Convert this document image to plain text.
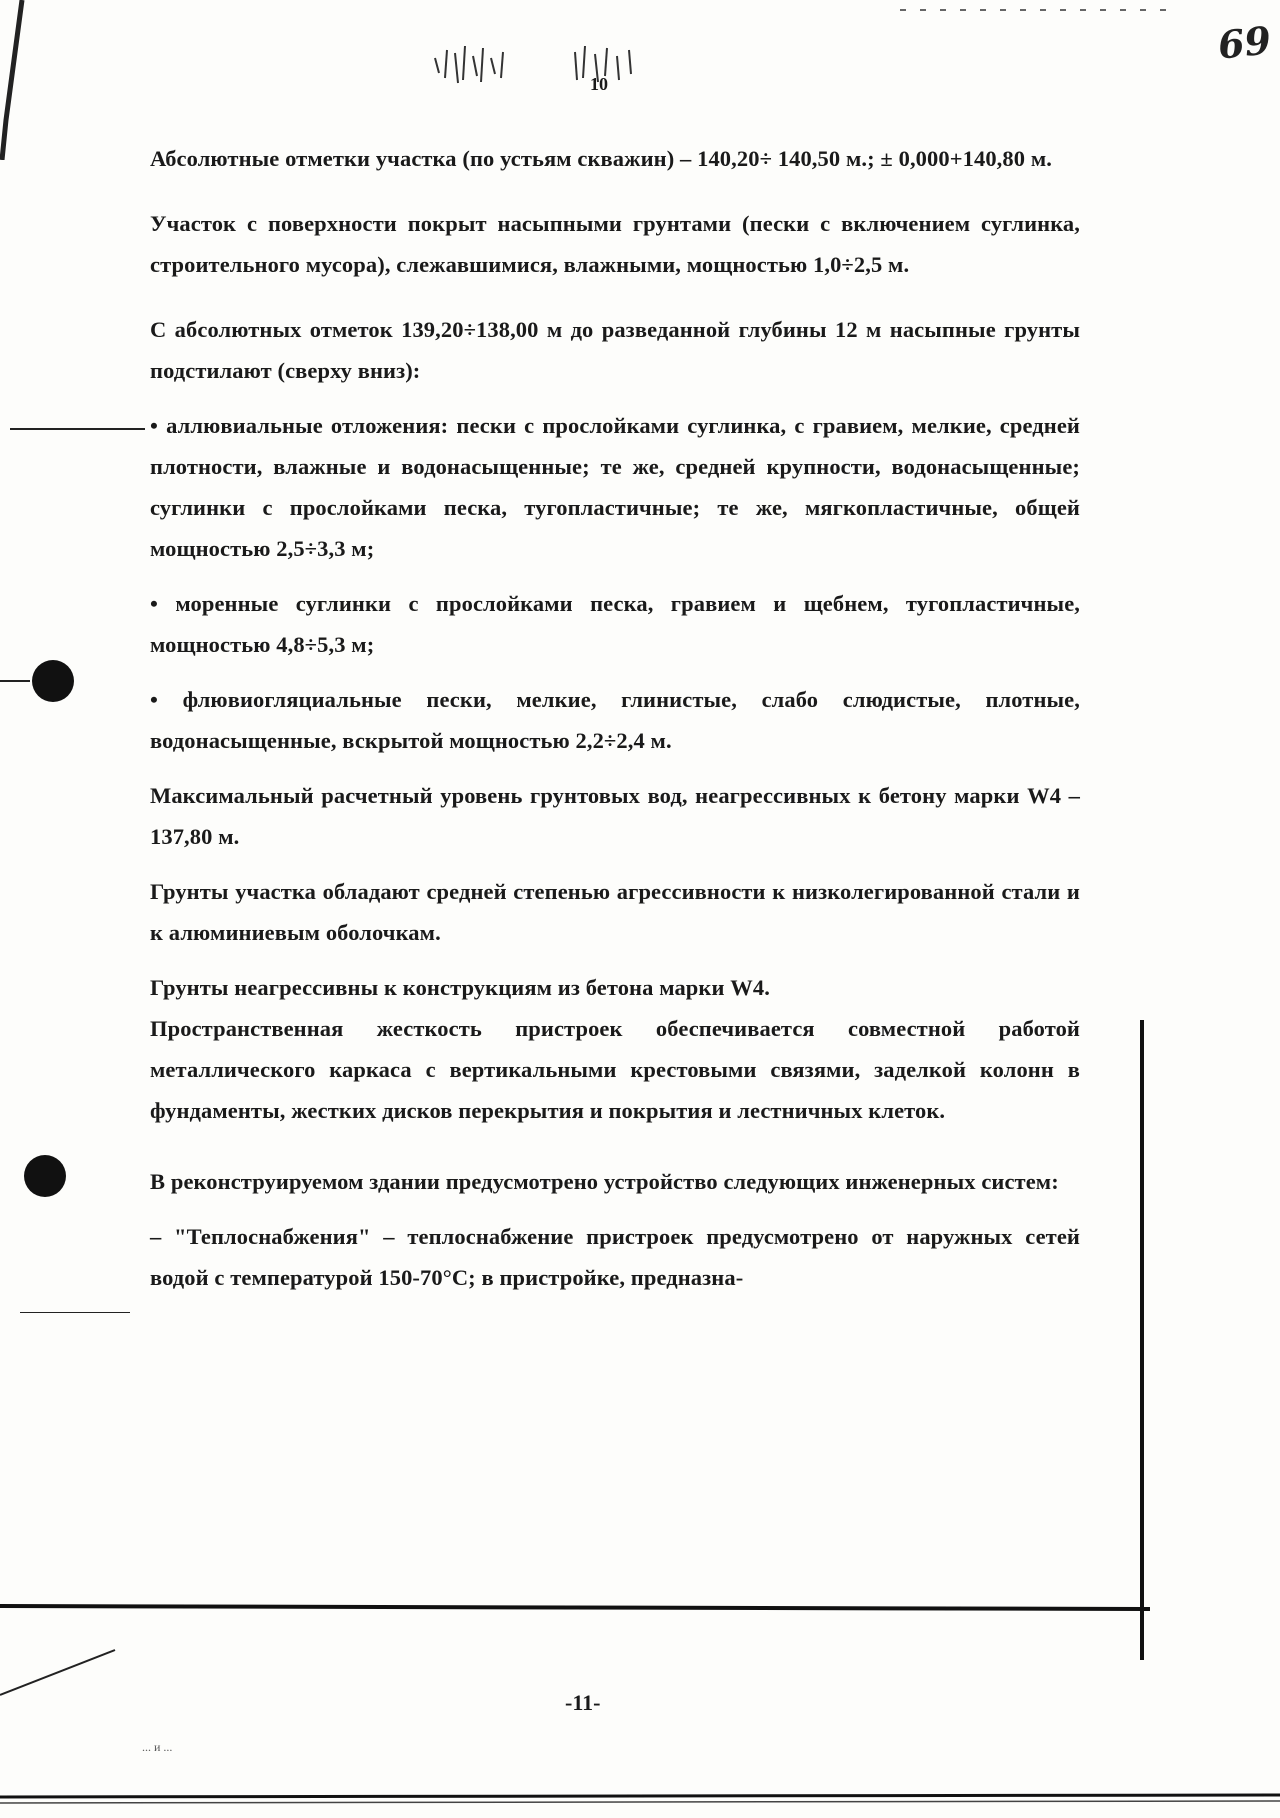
10
69

Абсолютные отметки участка (по устьям скважин) – 140,20÷ 140,50 м.; ± 0,000+140,80 м.

Участок с поверхности покрыт насыпными грунтами (пески с включением суглинка, строительного мусора), слежавшимися, влажными, мощностью 1,0÷2,5 м.

С абсолютных отметок 139,20÷138,00 м до разведанной глубины 12 м насыпные грунты подстилают (сверху вниз):

• аллювиальные отложения: пески с прослойками суглинка, с гравием, мелкие, средней плотности, влажные и водонасыщенные; те же, средней крупности, водонасыщенные; суглинки с прослойками песка, тугопластичные; те же, мягкопластичные, общей мощностью 2,5÷3,3 м;

• моренные суглинки с прослойками песка, гравием и щебнем, тугопластичные, мощностью 4,8÷5,3 м;

• флювиогляциальные пески, мелкие, глинистые, слабо слюдистые, плотные, водонасыщенные, вскрытой мощностью 2,2÷2,4 м.

Максимальный расчетный уровень грунтовых вод, неагрессивных к бетону марки W4 – 137,80 м.

Грунты участка обладают средней степенью агрессивности к низколегированной стали и к алюминиевым оболочкам.

Грунты неагрессивны к конструкциям из бетона марки W4.

Пространственная жесткость пристроек обеспечивается совместной работой металлического каркаса с вертикальными крестовыми связями, заделкой колонн в фундаменты, жестких дисков перекрытия и покрытия и лестничных клеток.

В реконструируемом здании предусмотрено устройство следующих инженерных систем:

– "Теплоснабжения" – теплоснабжение пристроек предусмотрено от наружных сетей водой с температурой 150-70°С; в пристройке, предназна-

-11-
... и ...
